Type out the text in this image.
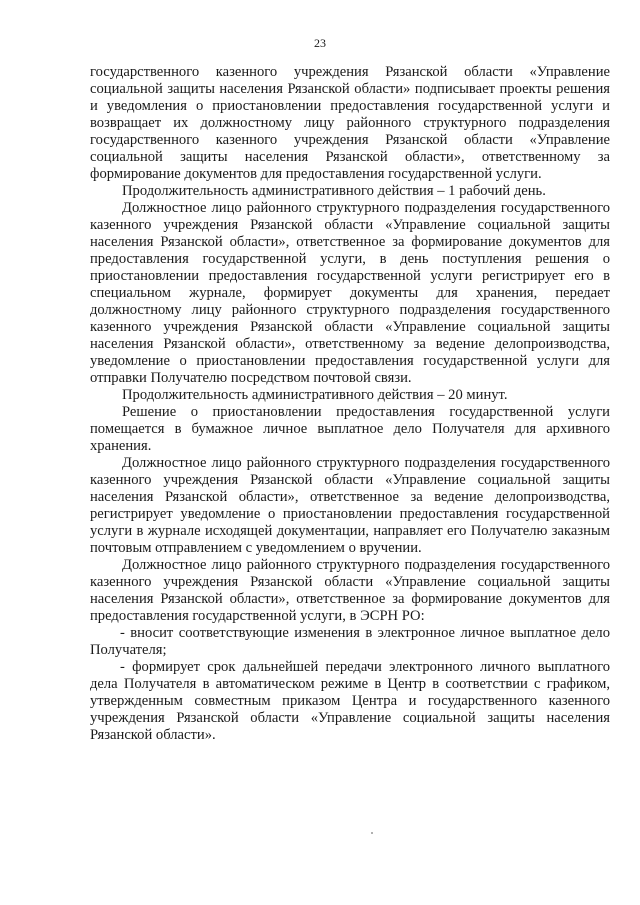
23

государственного казенного учреждения Рязанской области «Управление социальной защиты населения Рязанской области» подписывает проекты решения и уведомления о приостановлении предоставления государственной услуги и возвращает их должностному лицу районного структурного подразделения государственного казенного учреждения Рязанской области «Управление социальной защиты населения Рязанской области», ответственному за формирование документов для предоставления государственной услуги.

Продолжительность административного действия – 1 рабочий день.

Должностное лицо районного структурного подразделения государственного казенного учреждения Рязанской области «Управление социальной защиты населения Рязанской области», ответственное за формирование документов для предоставления государственной услуги, в день поступления решения о приостановлении предоставления государственной услуги регистрирует его в специальном журнале, формирует документы для хранения, передает должностному лицу районного структурного подразделения государственного казенного учреждения Рязанской области «Управление социальной защиты населения Рязанской области», ответственному за ведение делопроизводства, уведомление о приостановлении предоставления государственной услуги для отправки Получателю посредством почтовой связи.

Продолжительность административного действия – 20 минут.

Решение о приостановлении предоставления государственной услуги помещается в бумажное личное выплатное дело Получателя для архивного хранения.

Должностное лицо районного структурного подразделения государственного казенного учреждения Рязанской области «Управление социальной защиты населения Рязанской области», ответственное за ведение делопроизводства, регистрирует уведомление о приостановлении предоставления государственной услуги в журнале исходящей документации, направляет его Получателю заказным почтовым отправлением с уведомлением о вручении.

Должностное лицо районного структурного подразделения государственного казенного учреждения Рязанской области «Управление социальной защиты населения Рязанской области», ответственное за формирование документов для предоставления государственной услуги, в ЭСРН РО:

- вносит соответствующие изменения в электронное личное выплатное дело Получателя;

- формирует срок дальнейшей передачи электронного личного выплатного дела Получателя в автоматическом режиме в Центр в соответствии с графиком, утвержденным совместным приказом Центра и государственного казенного учреждения Рязанской области «Управление социальной защиты населения Рязанской области».
